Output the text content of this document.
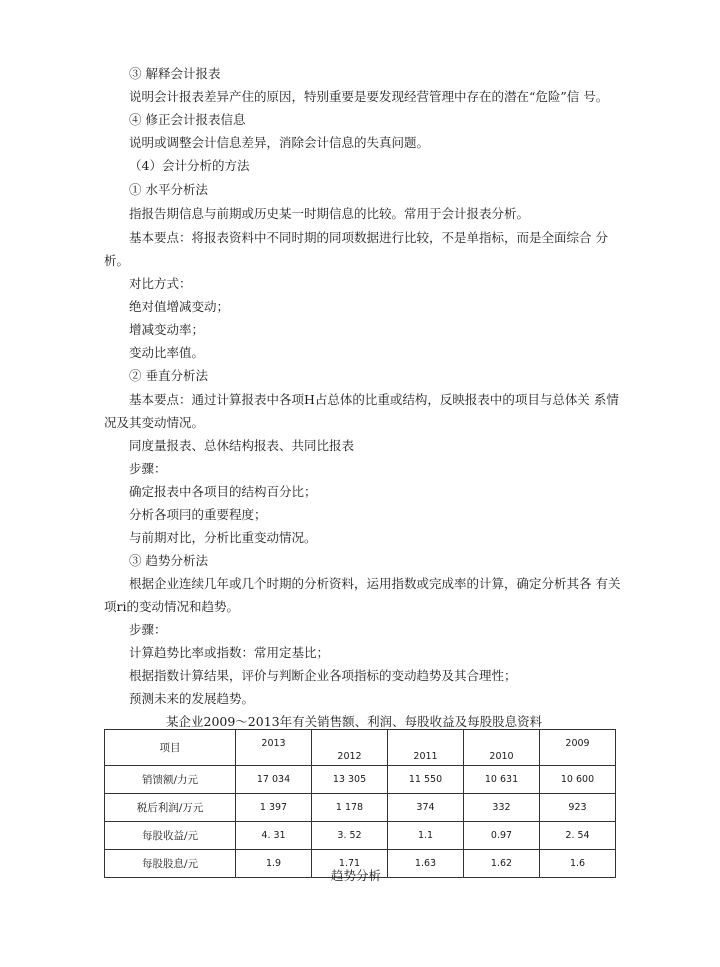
③ 解释会计报表
说明会计报表差异产住的原因，特别重要是要发现经营管理中存在的潜在“危险”信 号。
④ 修正会计报表信息
说明或调整会计信息差异，消除会计信息的失真问题。
（4）会计分析的方法
① 水平分析法
指报告期信息与前期或历史某一时期信息的比较。常用于会计报表分析。
基本要点：将报表资料中不同时期的同项数据进行比较，不是单指标，而是全面综合 分
析。
对比方式：
绝对值增减变动；
增减变动率；
变动比率值。
② 垂直分析法
基本要点：通过计算报表中各项H占总体的比重或结构，反映报表中的项目与总体关 系情
况及其变动情况。
同度量报表、总休结构报表、共同比报表
步骤：
确定报表中各项目的结构百分比；
分析各项冃的重要程度；
与前期对比，分析比重变动情况。
③ 趋势分析法
根据企业连续几年或几个时期的分析资料，运用指数或完成率的计算，确定分析其各 有关
项ri的变动情况和趋势。
步骤：
计算趋势比率或指数：常用定基比；
根据指数计算结果，评价与判断企业各项指标的变动趋势及其合理性；
预测未来的发展趋势。
某企业2009～2013年有关销售额、利润、每股收益及每股股息资料
项目	2013	2012	2011	2010	2009
销馈额/力元	17 034	13 305	11 550	10 631	10 600
税后利润/万元	1 397	1 178	374	332	923
每股收益/元	4. 31	3. 52	1.1	0.97	2. 54
每股股息/元	1.9	1.71	1.63	1.62	1.6
趋势分析
